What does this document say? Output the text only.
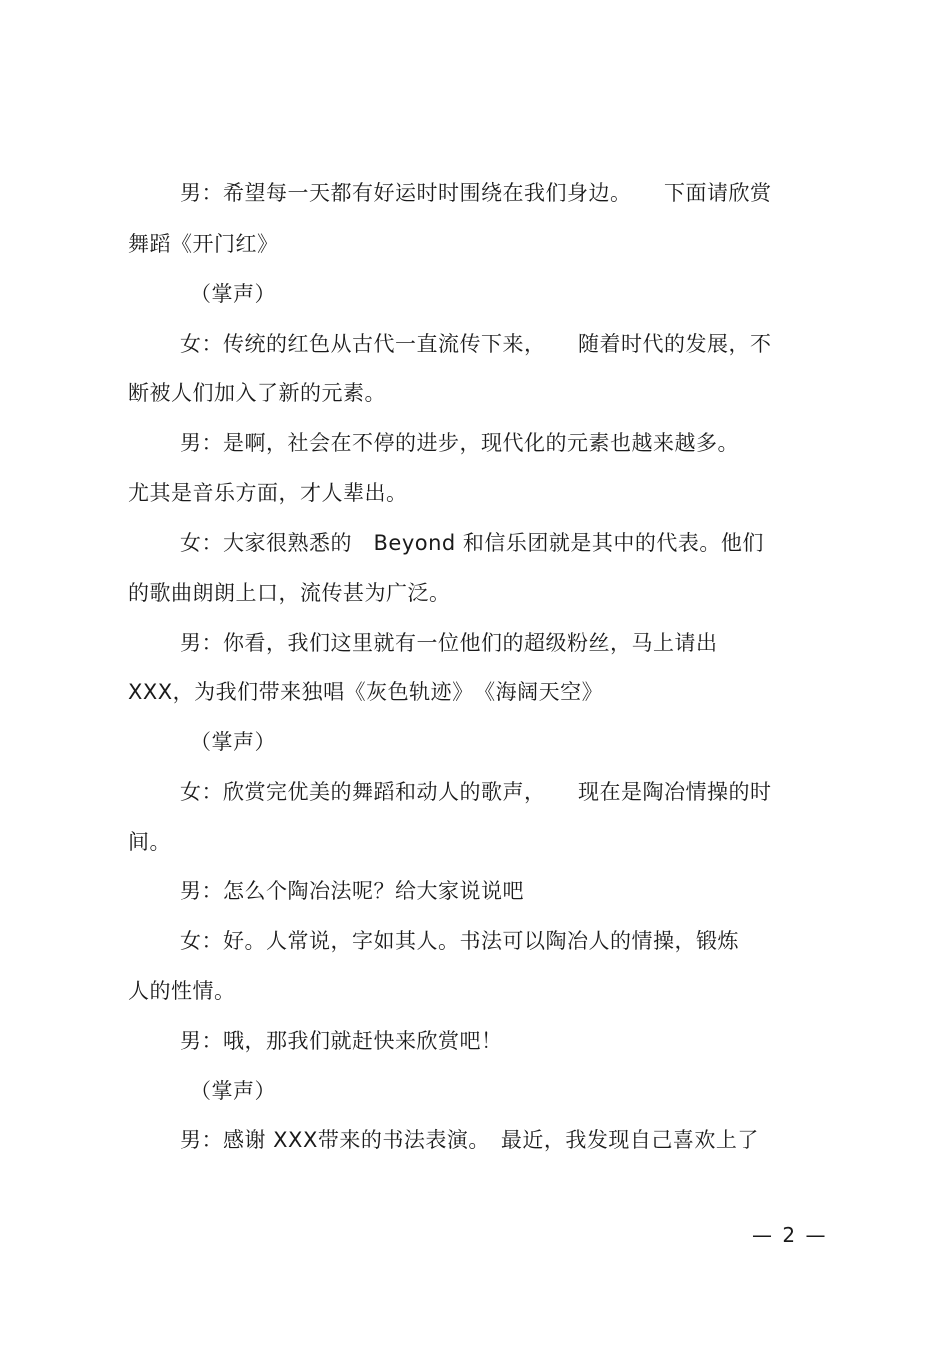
男：希望每一天都有好运时时围绕在我们身边。　　下面请欣赏
舞蹈《开门红》
（掌声）
女：传统的红色从古代一直流传下来，　　随着时代的发展，不
断被人们加入了新的元素。
男：是啊，社会在不停的进步，现代化的元素也越来越多。
尤其是音乐方面，才人辈出。
女：大家很熟悉的　Beyond 和信乐团就是其中的代表。他们
的歌曲朗朗上口，流传甚为广泛。
男：你看，我们这里就有一位他们的超级粉丝，马上请出
XXX，为我们带来独唱《灰色轨迹》　《海阔天空》
（掌声）
女：欣赏完优美的舞蹈和动人的歌声，　　现在是陶冶情操的时
间。
男：怎么个陶冶法呢？给大家说说吧
女：好。人常说，字如其人。书法可以陶冶人的情操，锻炼
人的性情。
男：哦，那我们就赶快来欣赏吧！
（掌声）
男：感谢 XXX带来的书法表演。　最近，我发现自己喜欢上了
— 2 —
